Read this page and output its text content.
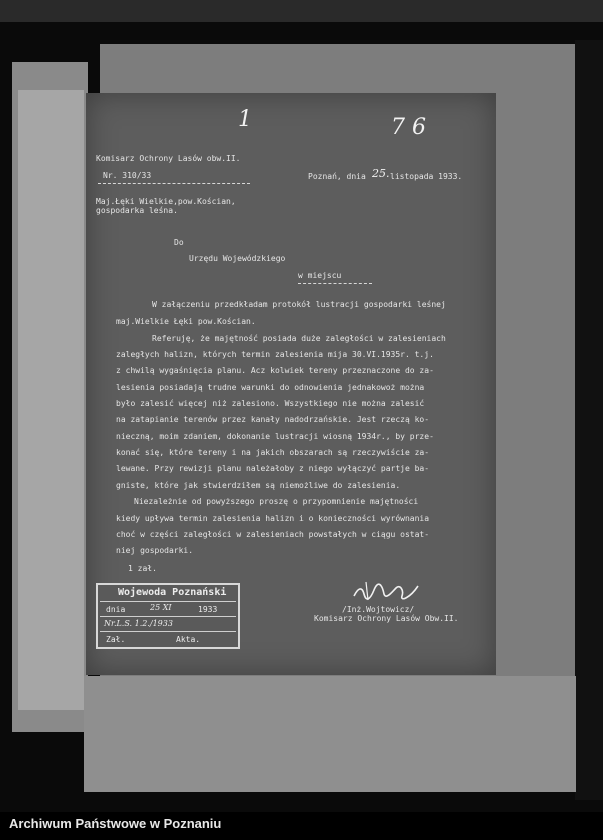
1	7 6
Komisarz Ochrony Lasów obw.II.
Nr. 310/33	Poznań, dnia 25. listopada 1933.
Maj.Łęki Wielkie,pow.Kościan,
gospodarka leśna.
Do
Urzędu Wojewódzkiego
w miejscu
W załączeniu przedkładam protokół lustracji gospodarki leśnej
maj.Wielkie Łęki pow.Kościan.
Referuję, że majętność posiada duże zaległości w zalesieniach
zaległych halizn, których termin zalesienia mija 30.VI.1935r. t.j.
z chwilą wygaśnięcia planu. Acz kolwiek tereny przeznaczone do za-
lesienia posiadają trudne warunki do odnowienia jednakowoż można
było zalesić więcej niż zalesiono. Wszystkiego nie można zalesić
na zatapianie terenów przez kanały nadodrzańskie. Jest rzeczą ko-
nieczną, moim zdaniem, dokonanie lustracji wiosną 1934r., by prze-
konać się, które tereny i na jakich obszarach są rzeczywiście za-
lewane. Przy rewizji planu należałoby z niego wyłączyć partje ba-
gniste, które jak stwierdziłem są niemożliwe do zalesienia.
Niezależnie od powyższego proszę o przypomnienie majętności
kiedy upływa termin zalesienia halizn i o konieczności wyrównania
choć w części zaległości w zalesieniach powstałych w ciągu ostat-
niej gospodarki.
1 zał.
/Inż.Wojtowicz/
Komisarz Ochrony Lasów Obw.II.
Wojewoda Poznański
dnia	25 XI	1933
Nr.L.S. 1.2./1933
Zał.	Akta.
Archiwum Państwowe w Poznaniu
